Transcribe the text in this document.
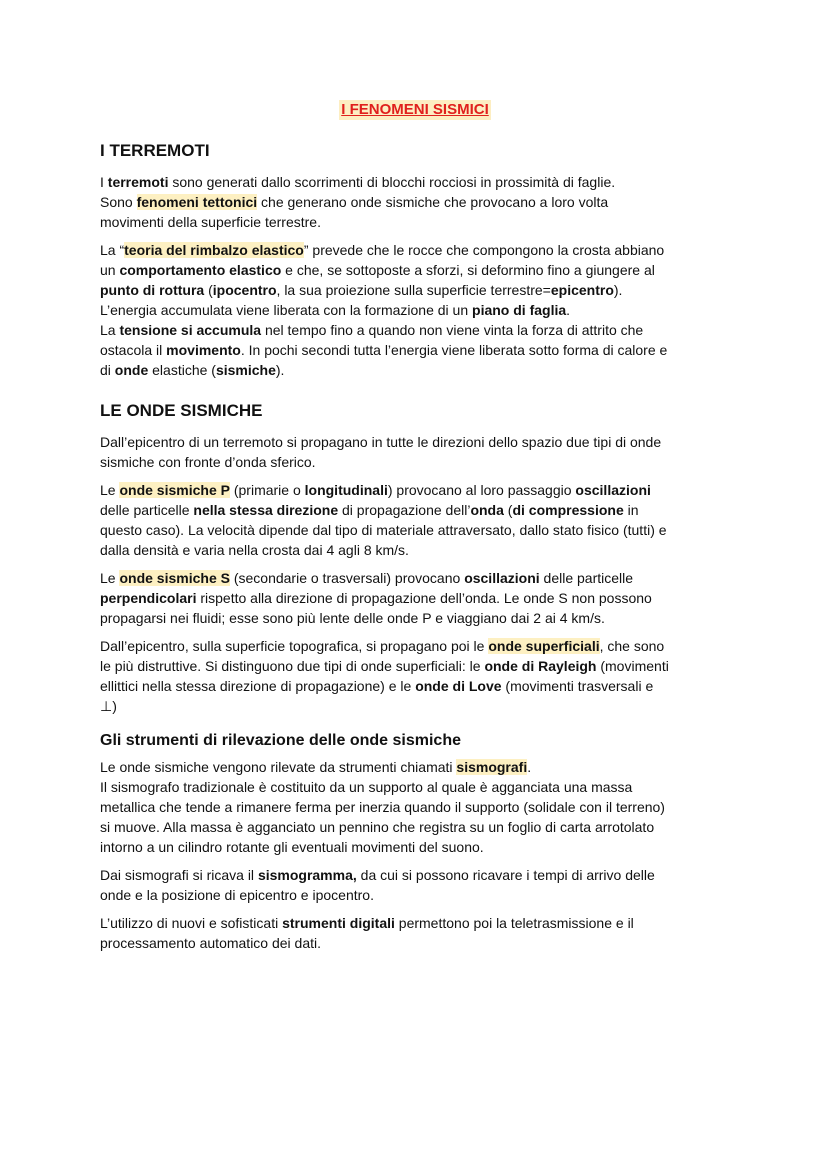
I FENOMENI SISMICI
I TERREMOTI

I terremoti sono generati dallo scorrimenti di blocchi rocciosi in prossimità di faglie.
Sono fenomeni tettonici che generano onde sismiche che provocano a loro volta
movimenti della superficie terrestre.

La “teoria del rimbalzo elastico” prevede che le rocce che compongono la crosta abbiano
un comportamento elastico e che, se sottoposte a sforzi, si deformino fino a giungere al
punto di rottura (ipocentro, la sua proiezione sulla superficie terrestre=epicentro).
L’energia accumulata viene liberata con la formazione di un piano di faglia.
La tensione si accumula nel tempo fino a quando non viene vinta la forza di attrito che
ostacola il movimento. In pochi secondi tutta l’energia viene liberata sotto forma di calore e
di onde elastiche (sismiche).

LE ONDE SISMICHE

Dall’epicentro di un terremoto si propagano in tutte le direzioni dello spazio due tipi di onde
sismiche con fronte d’onda sferico.

Le onde sismiche P (primarie o longitudinali) provocano al loro passaggio oscillazioni
delle particelle nella stessa direzione di propagazione dell’onda (di compressione in
questo caso). La velocità dipende dal tipo di materiale attraversato, dallo stato fisico (tutti) e
dalla densità e varia nella crosta dai 4 agli 8 km/s.

Le onde sismiche S (secondarie o trasversali) provocano oscillazioni delle particelle
perpendicolari rispetto alla direzione di propagazione dell’onda. Le onde S non possono
propagarsi nei fluidi; esse sono più lente delle onde P e viaggiano dai 2 ai 4 km/s.

Dall’epicentro, sulla superficie topografica, si propagano poi le onde superficiali, che sono
le più distruttive. Si distinguono due tipi di onde superficiali: le onde di Rayleigh (movimenti
ellittici nella stessa direzione di propagazione) e le onde di Love (movimenti trasversali e
⊥)

Gli strumenti di rilevazione delle onde sismiche

Le onde sismiche vengono rilevate da strumenti chiamati sismografi.
Il sismografo tradizionale è costituito da un supporto al quale è agganciata una massa
metallica che tende a rimanere ferma per inerzia quando il supporto (solidale con il terreno)
si muove. Alla massa è agganciato un pennino che registra su un foglio di carta arrotolato
intorno a un cilindro rotante gli eventuali movimenti del suono.

Dai sismografi si ricava il sismogramma, da cui si possono ricavare i tempi di arrivo delle
onde e la posizione di epicentro e ipocentro.

L’utilizzo di nuovi e sofisticati strumenti digitali permettono poi la teletrasmissione e il
processamento automatico dei dati.
